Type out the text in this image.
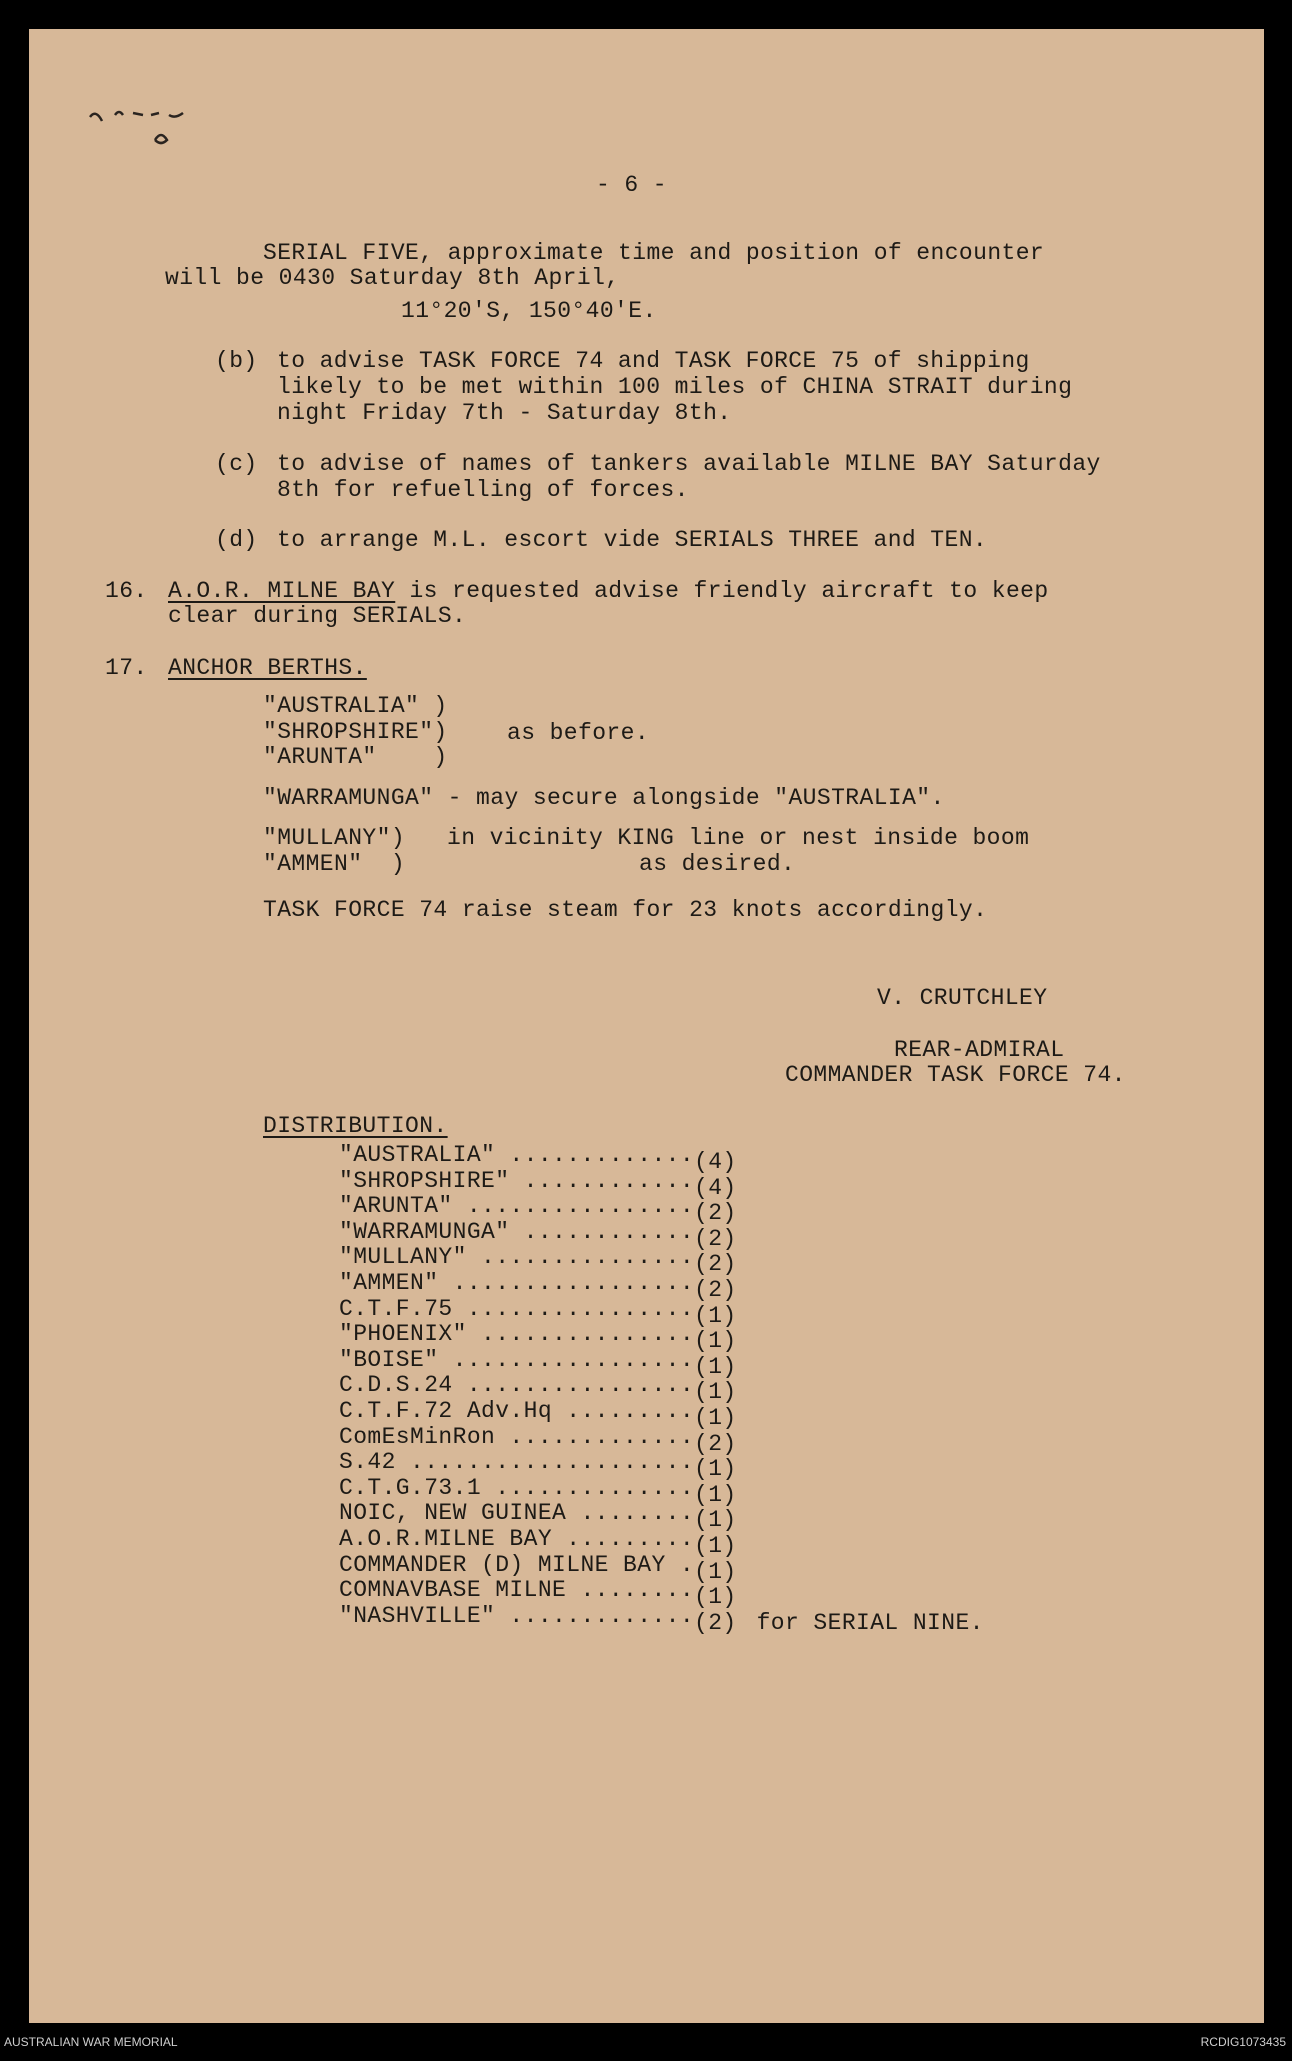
- 6 -
SERIAL FIVE, approximate time and position of encounter
will be 0430 Saturday 8th April,
11°20'S, 150°40'E.
(b) to advise TASK FORCE 74 and TASK FORCE 75 of shipping
likely to be met within 100 miles of CHINA STRAIT during
night Friday 7th - Saturday 8th.
(c) to advise of names of tankers available MILNE BAY Saturday
8th for refuelling of forces.
(d) to arrange M.L. escort vide SERIALS THREE and TEN.
16. A.O.R. MILNE BAY is requested advise friendly aircraft to keep
clear during SERIALS.
17. ANCHOR BERTHS.
"AUSTRALIA" )
"SHROPSHIRE")
"ARUNTA"    )
as before.
"WARRAMUNGA" - may secure alongside "AUSTRALIA".
"MULLANY")
"AMMEN"  )
in vicinity KING line or nest inside boom
as desired.
TASK FORCE 74 raise steam for 23 knots accordingly.
V. CRUTCHLEY
REAR-ADMIRAL
COMMANDER TASK FORCE 74.
DISTRIBUTION.
"AUSTRALIA" .....	(4)
"SHROPSHIRE" .....	(4)
"ARUNTA" .....	(2)
"WARRAMUNGA" .....	(2)
"MULLANY" .....	(2)
"AMMEN" .....	(2)
C.T.F.75 .....	(1)
"PHOENIX" .....	(1)
"BOISE" .....	(1)
C.D.S.24 .....	(1)
C.T.F.72 Adv.Hq .....	(1)
ComEsMinRon .....	(2)
S.42 .....	(1)
C.T.G.73.1 .....	(1)
NOIC, NEW GUINEA .....	(1)
A.O.R.MILNE BAY .....	(1)
COMMANDER (D) MILNE BAY ..... (1)
COMNAVBASE MILNE .....	(1)
"NASHVILLE" .....	(2) for SERIAL NINE.
AUSTRALIAN WAR MEMORIAL	RCDIG1073435
